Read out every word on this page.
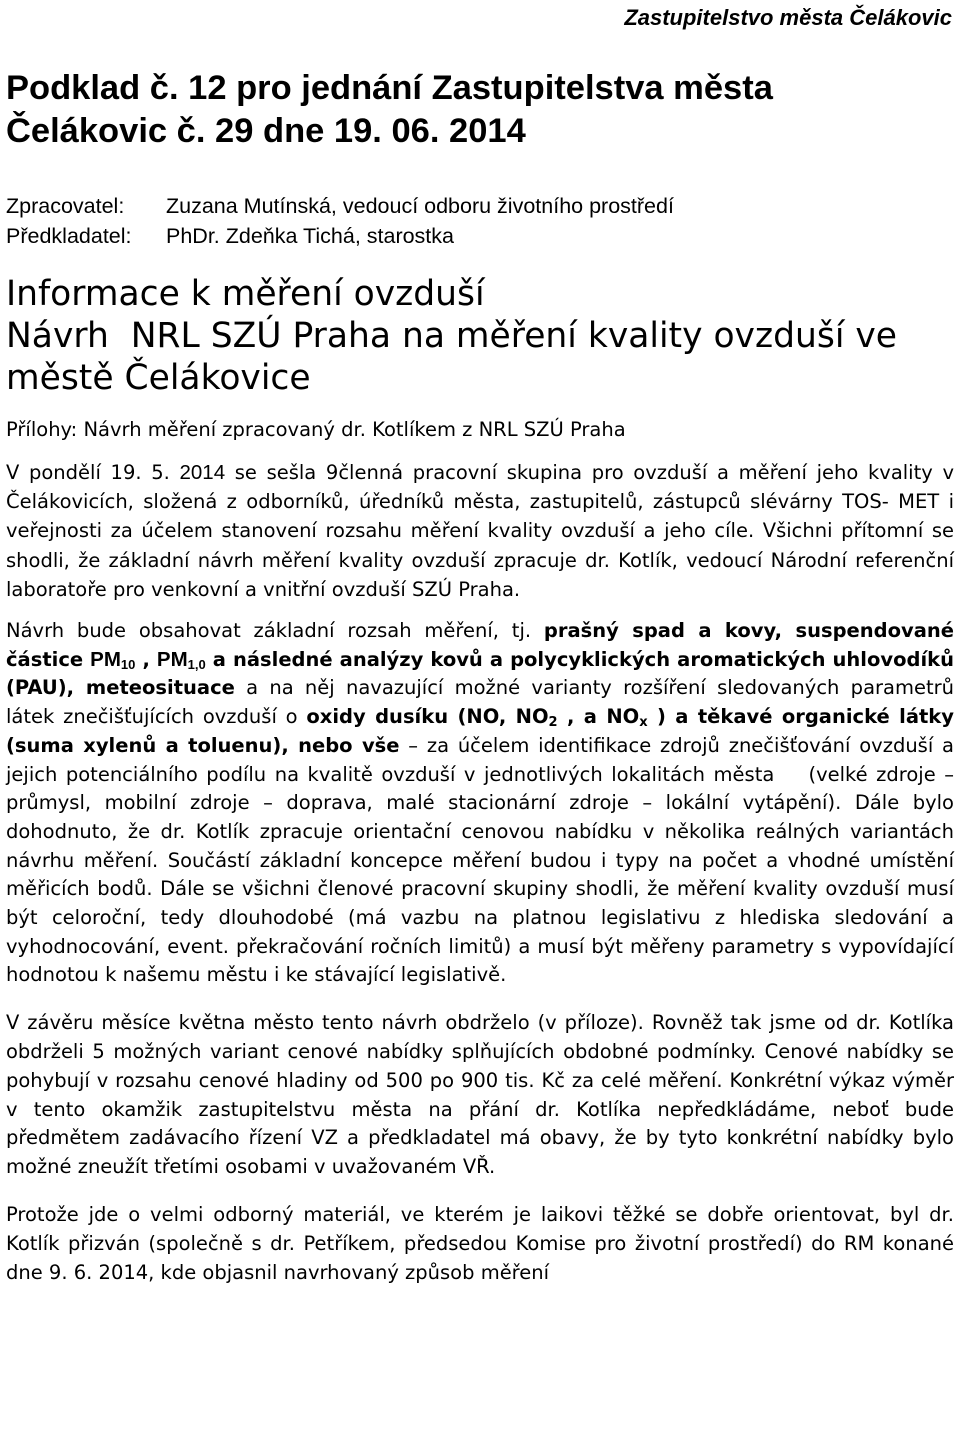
Zastupitelstvo města Čelákovic
Podklad č. 12 pro jednání Zastupitelstva města
Čelákovic č. 29 dne 19. 06. 2014
Zpracovatel:	Zuzana Mutínská, vedoucí odboru životního prostředí
Předkladatel:	PhDr. Zdeňka Tichá, starostka
Informace k měření ovzduší
Návrh  NRL SZÚ Praha na měření kvality ovzduší ve
městě Čelákovice
Přílohy: Návrh měření zpracovaný dr. Kotlíkem z NRL SZÚ Praha
V pondělí 19. 5. 2014 se sešla 9členná pracovní skupina pro ovzduší a měření jeho kvality v Čelákovicích, složená z odborníků, úředníků města, zastupitelů, zástupců slévárny TOS- MET i veřejnosti za účelem stanovení rozsahu měření kvality ovzduší a jeho cíle. Všichni přítomní se shodli, že základní návrh měření kvality ovzduší zpracuje dr. Kotlík, vedoucí Národní referenční laboratoře pro venkovní a vnitřní ovzduší SZÚ Praha.
Návrh bude obsahovat základní rozsah měření, tj. prašný spad a kovy, suspendované částice $PM_{10}$ , $PM_{1,0}$ a následné analýzy kovů a polycyklických aromatických uhlovodíků (PAU), meteosituace a na něj navazující možné varianty rozšíření sledovaných parametrů látek znečišťujících ovzduší o oxidy dusíku (NO, $NO_2$ , a $NO_x$ ) a těkavé organické látky (suma xylenů a toluenu), nebo vše – za účelem identifikace zdrojů znečišťování ovzduší a jejich potenciálního podílu na kvalitě ovzduší v jednotlivých lokalitách města    (velké zdroje – průmysl, mobilní zdroje – doprava, malé stacionární zdroje – lokální vytápění). Dále bylo dohodnuto, že dr. Kotlík zpracuje orientační cenovou nabídku v několika reálných variantách návrhu měření. Součástí základní koncepce měření budou i typy na počet a vhodné umístění měřicích bodů. Dále se všichni členové pracovní skupiny shodli, že měření kvality ovzduší musí být celoroční, tedy dlouhodobé (má vazbu na platnou legislativu z hlediska sledování a vyhodnocování, event. překračování ročních limitů) a musí být měřeny parametry s vypovídající hodnotou k našemu městu i ke stávající legislativě.
V závěru měsíce května město tento návrh obdrželo (v příloze). Rovněž tak jsme od dr. Kotlíka obdrželi 5 možných variant cenové nabídky splňujících obdobné podmínky. Cenové nabídky se pohybují v rozsahu cenové hladiny od 500 po 900 tis. Kč za celé měření. Konkrétní výkaz výměr v tento okamžik zastupitelstvu města na přání dr. Kotlíka nepředkládáme, neboť bude předmětem zadávacího řízení VZ a předkladatel má obavy, že by tyto konkrétní nabídky bylo možné zneužít třetími osobami v uvažovaném VŘ.
Protože jde o velmi odborný materiál, ve kterém je laikovi těžké se dobře orientovat, byl dr. Kotlík přizván (společně s dr. Petříkem, předsedou Komise pro životní prostředí) do RM konané dne 9. 6. 2014, kde objasnil navrhovaný způsob měření
